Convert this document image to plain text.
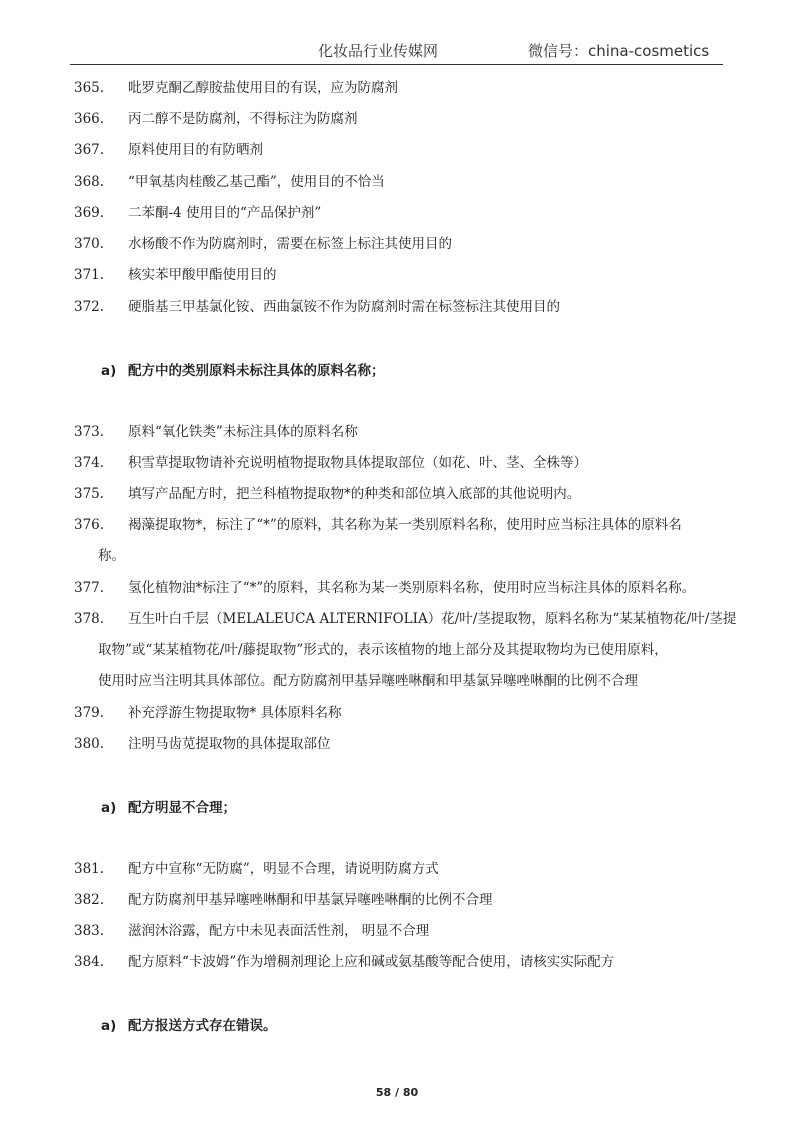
化妆品行业传媒网	微信号：china-cosmetics
365. 吡罗克酮乙醇胺盐使用目的有误，应为防腐剂
366. 丙二醇不是防腐剂，不得标注为防腐剂
367. 原料使用目的有防晒剂
368. “甲氧基肉桂酸乙基己酯”，使用目的不恰当
369. 二苯酮-4 使用目的“产品保护剂”
370. 水杨酸不作为防腐剂时，需要在标签上标注其使用目的
371. 核实苯甲酸甲酯使用目的
372. 硬脂基三甲基氯化铵、西曲氯铵不作为防腐剂时需在标签标注其使用目的
a) 配方中的类别原料未标注具体的原料名称；
373. 原料“氧化铁类”未标注具体的原料名称
374. 积雪草提取物请补充说明植物提取物具体提取部位（如花、叶、茎、全株等）
375. 填写产品配方时，把兰科植物提取物*的种类和部位填入底部的其他说明内。
376. 褐藻提取物*，标注了“*”的原料，其名称为某一类别原料名称，使用时应当标注具体的原料名
称。
377. 氢化植物油*标注了“*”的原料，其名称为某一类别原料名称，使用时应当标注具体的原料名称。
378. 互生叶白千层（MELALEUCA ALTERNIFOLIA）花/叶/茎提取物，原料名称为“某某植物花/叶/茎提
取物”或“某某植物花/叶/藤提取物”形式的，表示该植物的地上部分及其提取物均为已使用原料，
使用时应当注明其具体部位。配方防腐剂甲基异噻唑啉酮和甲基氯异噻唑啉酮的比例不合理
379. 补充浮游生物提取物* 具体原料名称
380. 注明马齿苋提取物的具体提取部位
a) 配方明显不合理；
381. 配方中宣称“无防腐”，明显不合理，请说明防腐方式
382. 配方防腐剂甲基异噻唑啉酮和甲基氯异噻唑啉酮的比例不合理
383. 滋润沐浴露，配方中未见表面活性剂， 明显不合理
384. 配方原料“卡波姆”作为增稠剂理论上应和碱或氨基酸等配合使用，请核实实际配方
a) 配方报送方式存在错误。
58 / 80
